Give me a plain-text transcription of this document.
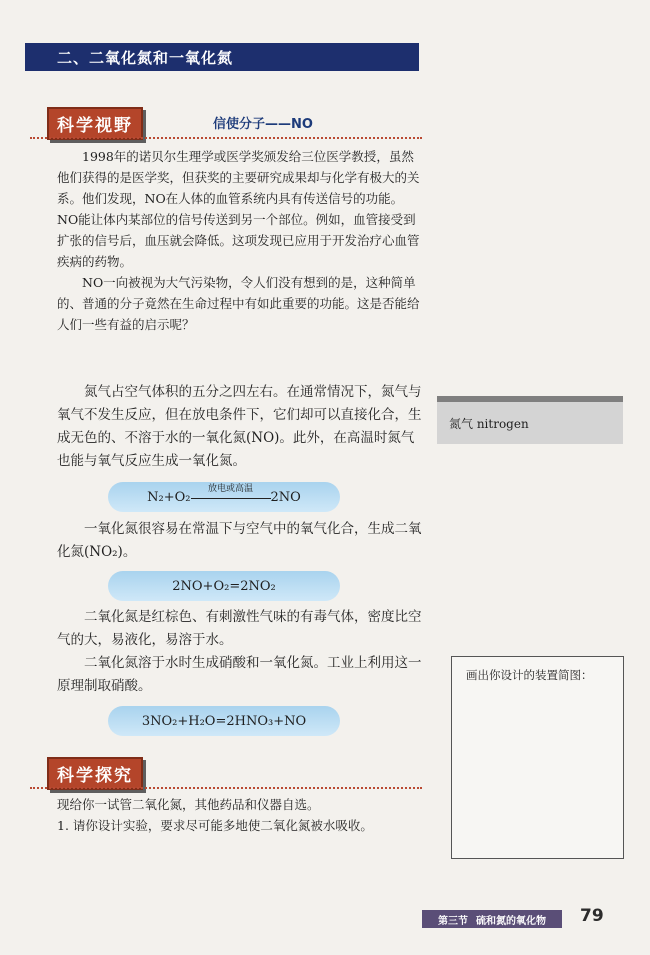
二、二氧化氮和一氧化氮
科学视野	信使分子——NO

1998年的诺贝尔生理学或医学奖颁发给三位医学教授，虽然他们获得的是医学奖，但获奖的主要研究成果却与化学有极大的关系。他们发现，NO在人体的血管系统内具有传送信号的功能。NO能让体内某部位的信号传送到另一个部位。例如，血管接受到扩张的信号后，血压就会降低。这项发现已应用于开发治疗心血管疾病的药物。

NO一向被视为大气污染物，令人们没有想到的是，这种简单的、普通的分子竟然在生命过程中有如此重要的功能。这是否能给人们一些有益的启示呢？

氮气占空气体积的五分之四左右。在通常情况下，氮气与氧气不发生反应，但在放电条件下，它们却可以直接化合，生成无色的、不溶于水的一氧化氮(NO)。此外，在高温时氮气也能与氧气反应生成一氧化氮。

N₂+O₂
放电或高温
2NO

一氧化氮很容易在常温下与空气中的氧气化合，生成二氧化氮(NO₂)。

2NO+O₂=2NO₂

二氧化氮是红棕色、有刺激性气味的有毒气体，密度比空气的大，易液化，易溶于水。

二氧化氮溶于水时生成硝酸和一氧化氮。工业上利用这一原理制取硝酸。

3NO₂+H₂O=2HNO₃+NO
科学探究

现给你一试管二氧化氮，其他药品和仪器自选。

1. 请你设计实验，要求尽可能多地使二氧化氮被水吸收。

氮气 nitrogen
画出你设计的装置简图：
第三节 硫和氮的氧化物 79
